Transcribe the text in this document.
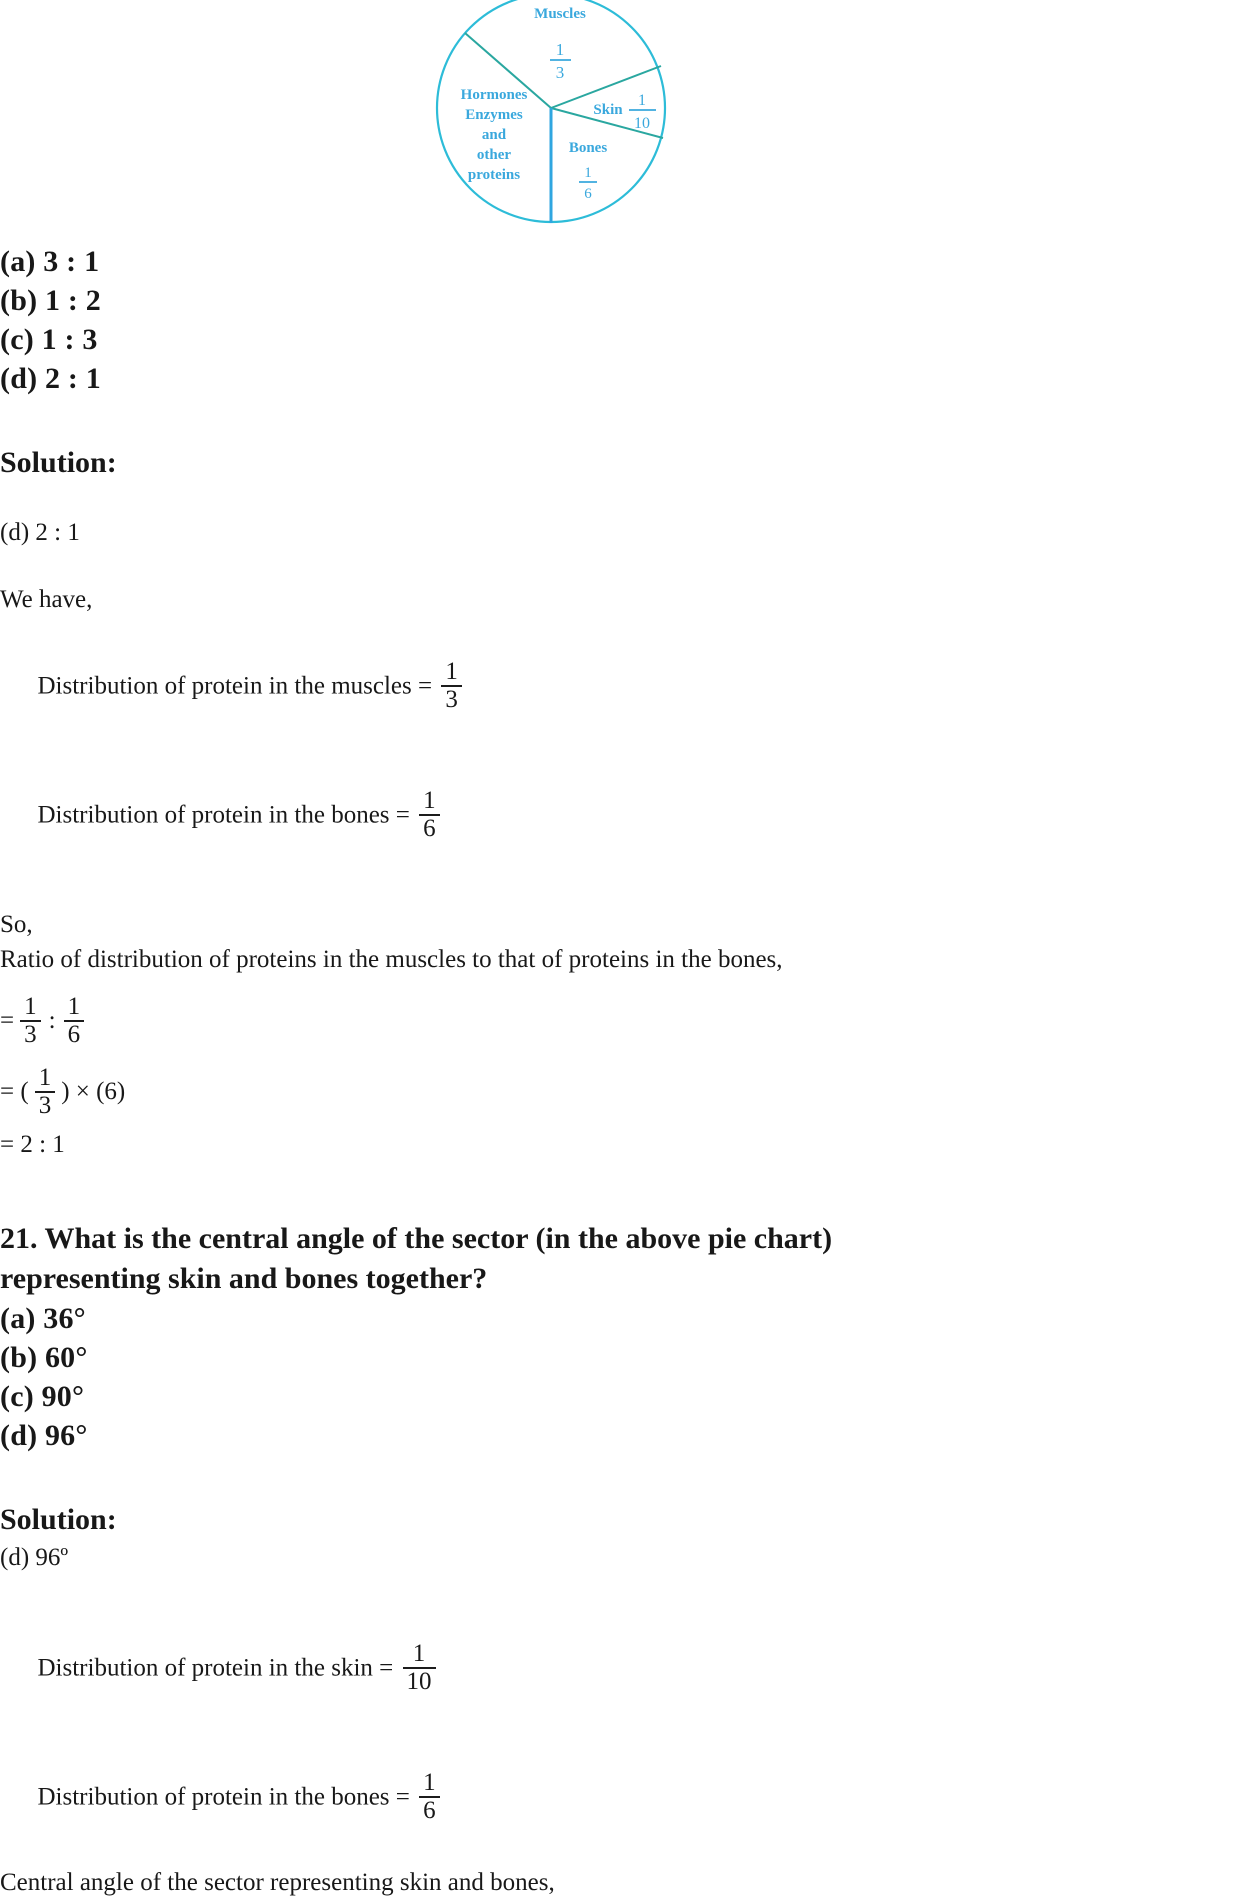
Muscles
1
3
Skin
1
10
Bones
1
6
Hormones
Enzymes
and
other
proteins
(a) 3 : 1
(b) 1 : 2
(c) 1 : 3
(d) 2 : 1
Solution:
(d) 2 : 1
We have,

Distribution of protein in the muscles = $\frac{1}{3}$

Distribution of protein in the bones = $\frac{1}{6}$

So,
Ratio of distribution of proteins in the muscles to that of proteins in the bones,
= $\frac{1}{3}$ : $\frac{1}{6}$
= ( $\frac{1}{3}$ ) × (6)
= 2 : 1
21. What is the central angle of the sector (in the above pie chart)
representing skin and bones together?
(a) 36°
(b) 60°
(c) 90°
(d) 96°
Solution:
(d) 96º

Distribution of protein in the skin = $\frac{1}{10}$

Distribution of protein in the bones = $\frac{1}{6}$

Central angle of the sector representing skin and bones,
